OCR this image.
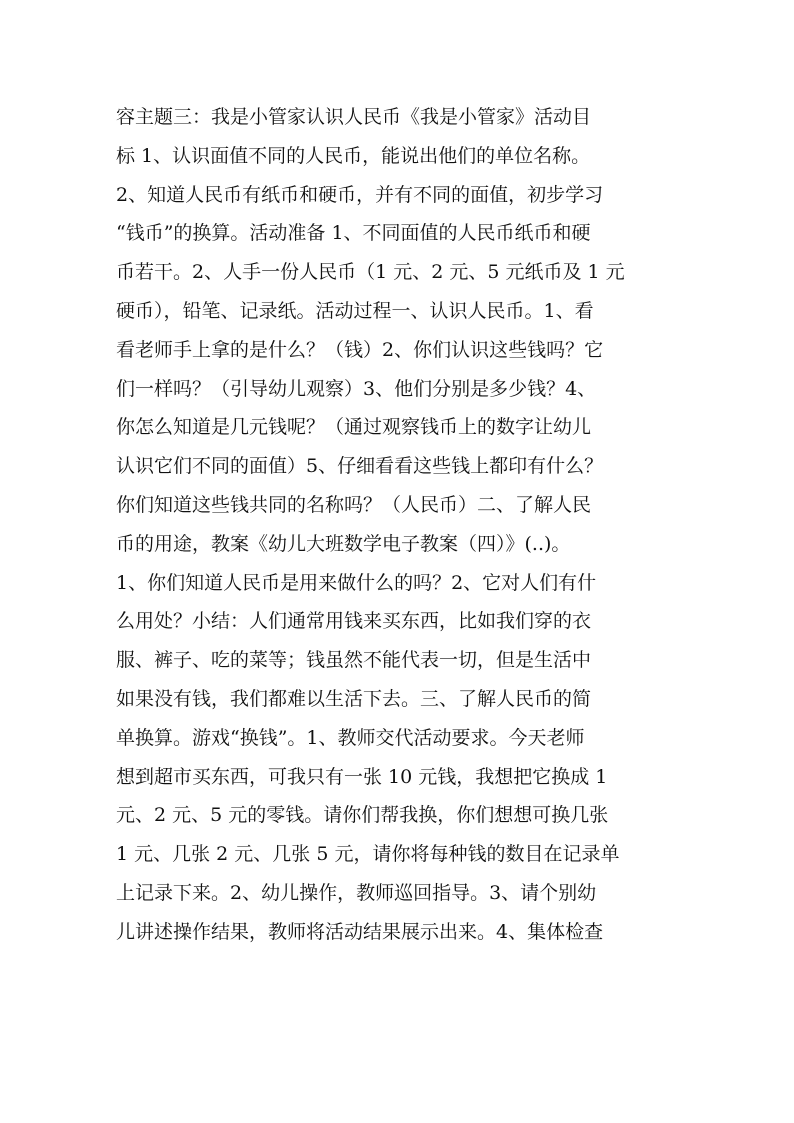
容主题三：我是小管家认识人民币《我是小管家》活动目
标 1、认识面值不同的人民币，能说出他们的单位名称。
2、知道人民币有纸币和硬币，并有不同的面值，初步学习
“钱币”的换算。活动准备 1、不同面值的人民币纸币和硬
币若干。2、人手一份人民币（1 元、2 元、5 元纸币及 1 元
硬币），铅笔、记录纸。活动过程一、认识人民币。1、看
看老师手上拿的是什么？（钱）2、你们认识这些钱吗？它
们一样吗？（引导幼儿观察）3、他们分别是多少钱？4、
你怎么知道是几元钱呢？（通过观察钱币上的数字让幼儿
认识它们不同的面值）5、仔细看看这些钱上都印有什么？
你们知道这些钱共同的名称吗？（人民币）二、了解人民
币的用途，教案《幼儿大班数学电子教案（四）》(..)。
1、你们知道人民币是用来做什么的吗？2、它对人们有什
么用处？小结：人们通常用钱来买东西，比如我们穿的衣
服、裤子、吃的菜等；钱虽然不能代表一切，但是生活中
如果没有钱，我们都难以生活下去。三、了解人民币的简
单换算。游戏“换钱”。1、教师交代活动要求。今天老师
想到超市买东西，可我只有一张 10 元钱，我想把它换成 1
元、2 元、5 元的零钱。请你们帮我换，你们想想可换几张
1 元、几张 2 元、几张 5 元，请你将每种钱的数目在记录单
上记录下来。2、幼儿操作，教师巡回指导。3、请个别幼
儿讲述操作结果，教师将活动结果展示出来。4、集体检查
